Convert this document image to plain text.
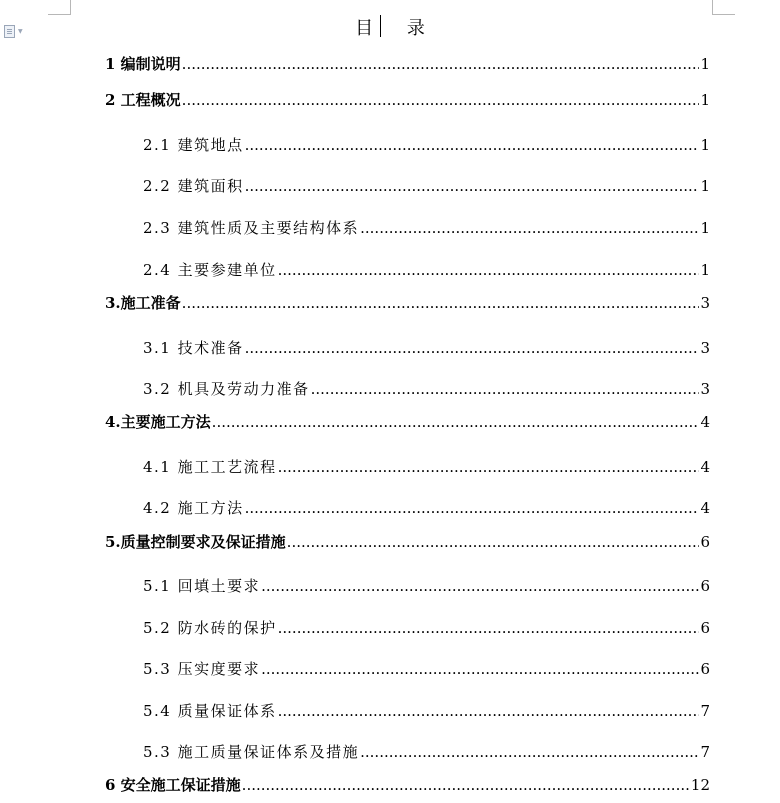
▼	目 录
1 编制说明 .....	1
2 工程概况 .....	1
2.1 建筑地点 .....	1
2.2 建筑面积 .....	1
2.3 建筑性质及主要结构体系 .....	1
2.4 主要参建单位 .....	1
3.施工准备 .....	3
3.1 技术准备 .....	3
3.2 机具及劳动力准备 .....	3
4.主要施工方法 .....	4
4.1 施工工艺流程 .....	4
4.2 施工方法 .....	4
5.质量控制要求及保证措施 .....	6
5.1 回填土要求 .....	6
5.2 防水砖的保护 .....	6
5.3 压实度要求 .....	6
5.4 质量保证体系 .....	7
5.3 施工质量保证体系及措施 .....	7
6 安全施工保证措施 .....	12
